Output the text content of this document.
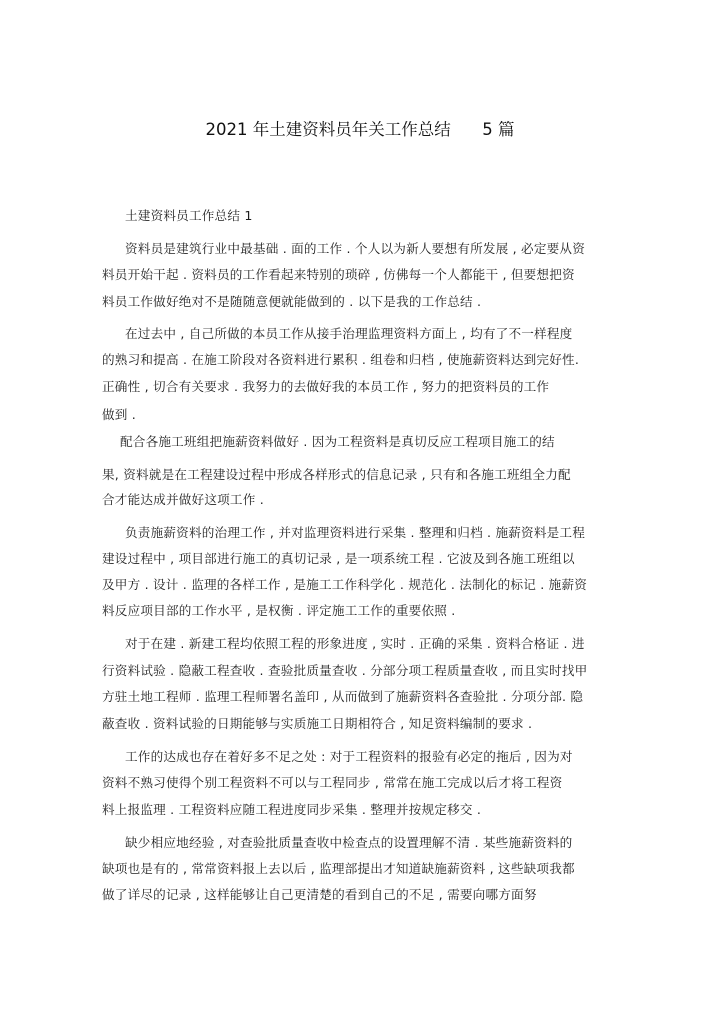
2021 年土建资料员年关工作总结      5 篇
土建资料员工作总结 1
资料员是建筑行业中最基础 . 面的工作 . 个人以为新人要想有所发展 , 必定要从资
料员开始干起 . 资料员的工作看起来特别的琐碎 , 仿佛每一个人都能干 , 但要想把资
料员工作做好绝对不是随随意便就能做到的 . 以下是我的工作总结 .
在过去中 , 自己所做的本员工作从接手治理监理资料方面上 , 均有了不一样程度
的熟习和提高 . 在施工阶段对各资料进行累积 . 组卷和归档 , 使施薪资料达到完好性.
正确性 , 切合有关要求 . 我努力的去做好我的本员工作 , 努力的把资料员的工作
做到 .
配合各施工班组把施薪资料做好 . 因为工程资料是真切反应工程项目施工的结
果, 资料就是在工程建设过程中形成各样形式的信息记录 , 只有和各施工班组全力配
合才能达成并做好这项工作 .
负责施薪资料的治理工作 , 并对监理资料进行采集 . 整理和归档 . 施薪资料是工程
建设过程中 , 项目部进行施工的真切记录 , 是一项系统工程 . 它波及到各施工班组以
及甲方 . 设计 . 监理的各样工作 , 是施工工作科学化 . 规范化 . 法制化的标记 . 施薪资
料反应项目部的工作水平 , 是权衡 . 评定施工工作的重要依照 .
对于在建 . 新建工程均依照工程的形象进度 , 实时 . 正确的采集 . 资料合格证 . 进
行资料试验 . 隐蔽工程查收 . 查验批质量查收 . 分部分项工程质量查收 , 而且实时找甲
方驻土地工程师 . 监理工程师署名盖印 , 从而做到了施薪资料各查验批 . 分项分部. 隐
蔽查收 . 资料试验的日期能够与实质施工日期相符合 , 知足资料编制的要求 .
工作的达成也存在着好多不足之处 : 对于工程资料的报验有必定的拖后 , 因为对
资料不熟习使得个别工程资料不可以与工程同步 , 常常在施工完成以后才将工程资
料上报监理 . 工程资料应随工程进度同步采集 . 整理并按规定移交 .
缺少相应地经验 , 对查验批质量查收中检查点的设置理解不清 . 某些施薪资料的
缺项也是有的 , 常常资料报上去以后 , 监理部提出才知道缺施薪资料 , 这些缺项我都
做了详尽的记录 , 这样能够让自己更清楚的看到自己的不足 , 需要向哪方面努
